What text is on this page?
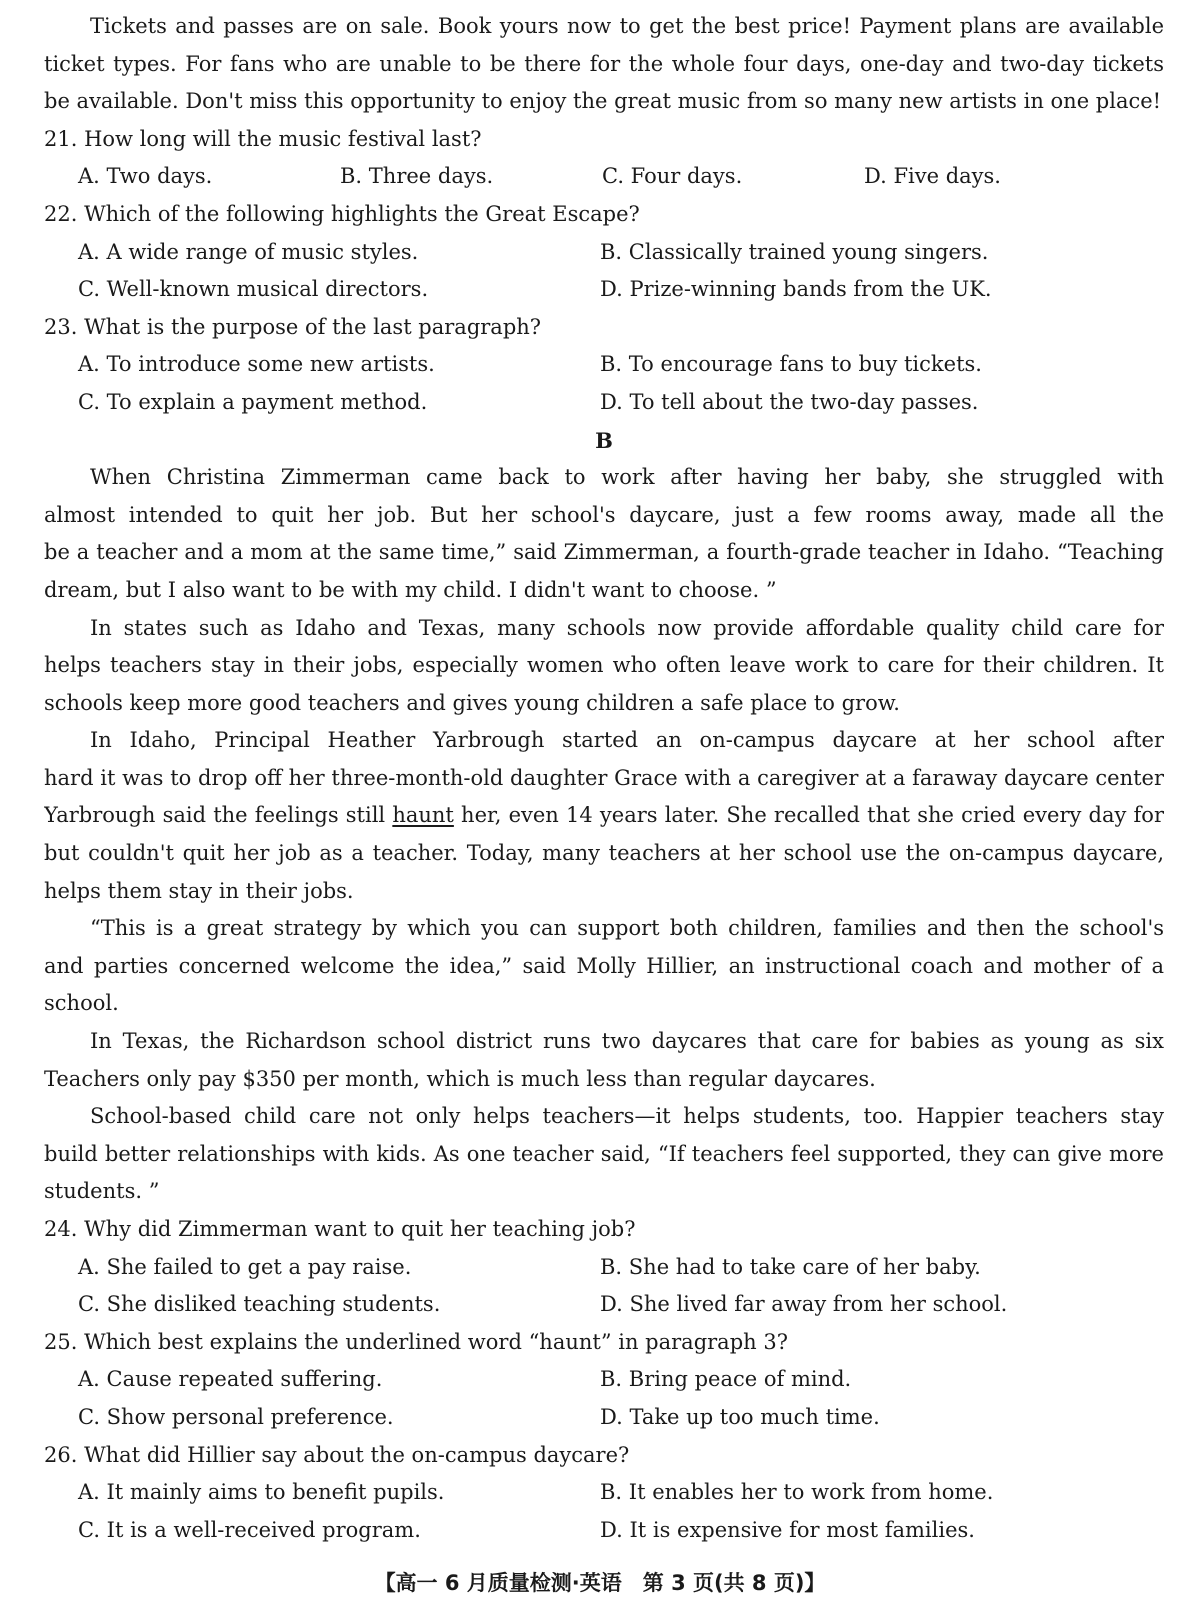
Tickets and passes are on sale. Book yours now to get the best price! Payment plans are available
ticket types. For fans who are unable to be there for the whole four days, one-day and two-day tickets
be available. Don't miss this opportunity to enjoy the great music from so many new artists in one place!
21. How long will the music festival last?
A. Two days.	B. Three days.	C. Four days.	D. Five days.
22. Which of the following highlights the Great Escape?
A. A wide range of music styles.	B. Classically trained young singers.
C. Well-known musical directors.	D. Prize-winning bands from the UK.
23. What is the purpose of the last paragraph?
A. To introduce some new artists.	B. To encourage fans to buy tickets.
C. To explain a payment method.	D. To tell about the two-day passes.
B
When Christina Zimmerman came back to work after having her baby, she struggled with
almost intended to quit her job. But her school's daycare, just a few rooms away, made all the
be a teacher and a mom at the same time,” said Zimmerman, a fourth-grade teacher in Idaho. “Teaching
dream, but I also want to be with my child. I didn't want to choose. ”
In states such as Idaho and Texas, many schools now provide affordable quality child care for
helps teachers stay in their jobs, especially women who often leave work to care for their children. It
schools keep more good teachers and gives young children a safe place to grow.
In Idaho, Principal Heather Yarbrough started an on-campus daycare at her school after
hard it was to drop off her three-month-old daughter Grace with a caregiver at a faraway daycare center
Yarbrough said the feelings still haunt her, even 14 years later. She recalled that she cried every day for
but couldn't quit her job as a teacher. Today, many teachers at her school use the on-campus daycare,
helps them stay in their jobs.
“This is a great strategy by which you can support both children, families and then the school's
and parties concerned welcome the idea,” said Molly Hillier, an instructional coach and mother of a
school.
In Texas, the Richardson school district runs two daycares that care for babies as young as six
Teachers only pay $350 per month, which is much less than regular daycares.
School-based child care not only helps teachers—it helps students, too. Happier teachers stay
build better relationships with kids. As one teacher said, “If teachers feel supported, they can give more
students. ”
24. Why did Zimmerman want to quit her teaching job?
A. She failed to get a pay raise.	B. She had to take care of her baby.
C. She disliked teaching students.	D. She lived far away from her school.
25. Which best explains the underlined word “haunt” in paragraph 3?
A. Cause repeated suffering.	B. Bring peace of mind.
C. Show personal preference.	D. Take up too much time.
26. What did Hillier say about the on-campus daycare?
A. It mainly aims to benefit pupils.	B. It enables her to work from home.
C. It is a well-received program.	D. It is expensive for most families.
【高一 6 月质量检测·英语　第 3 页(共 8 页)】
